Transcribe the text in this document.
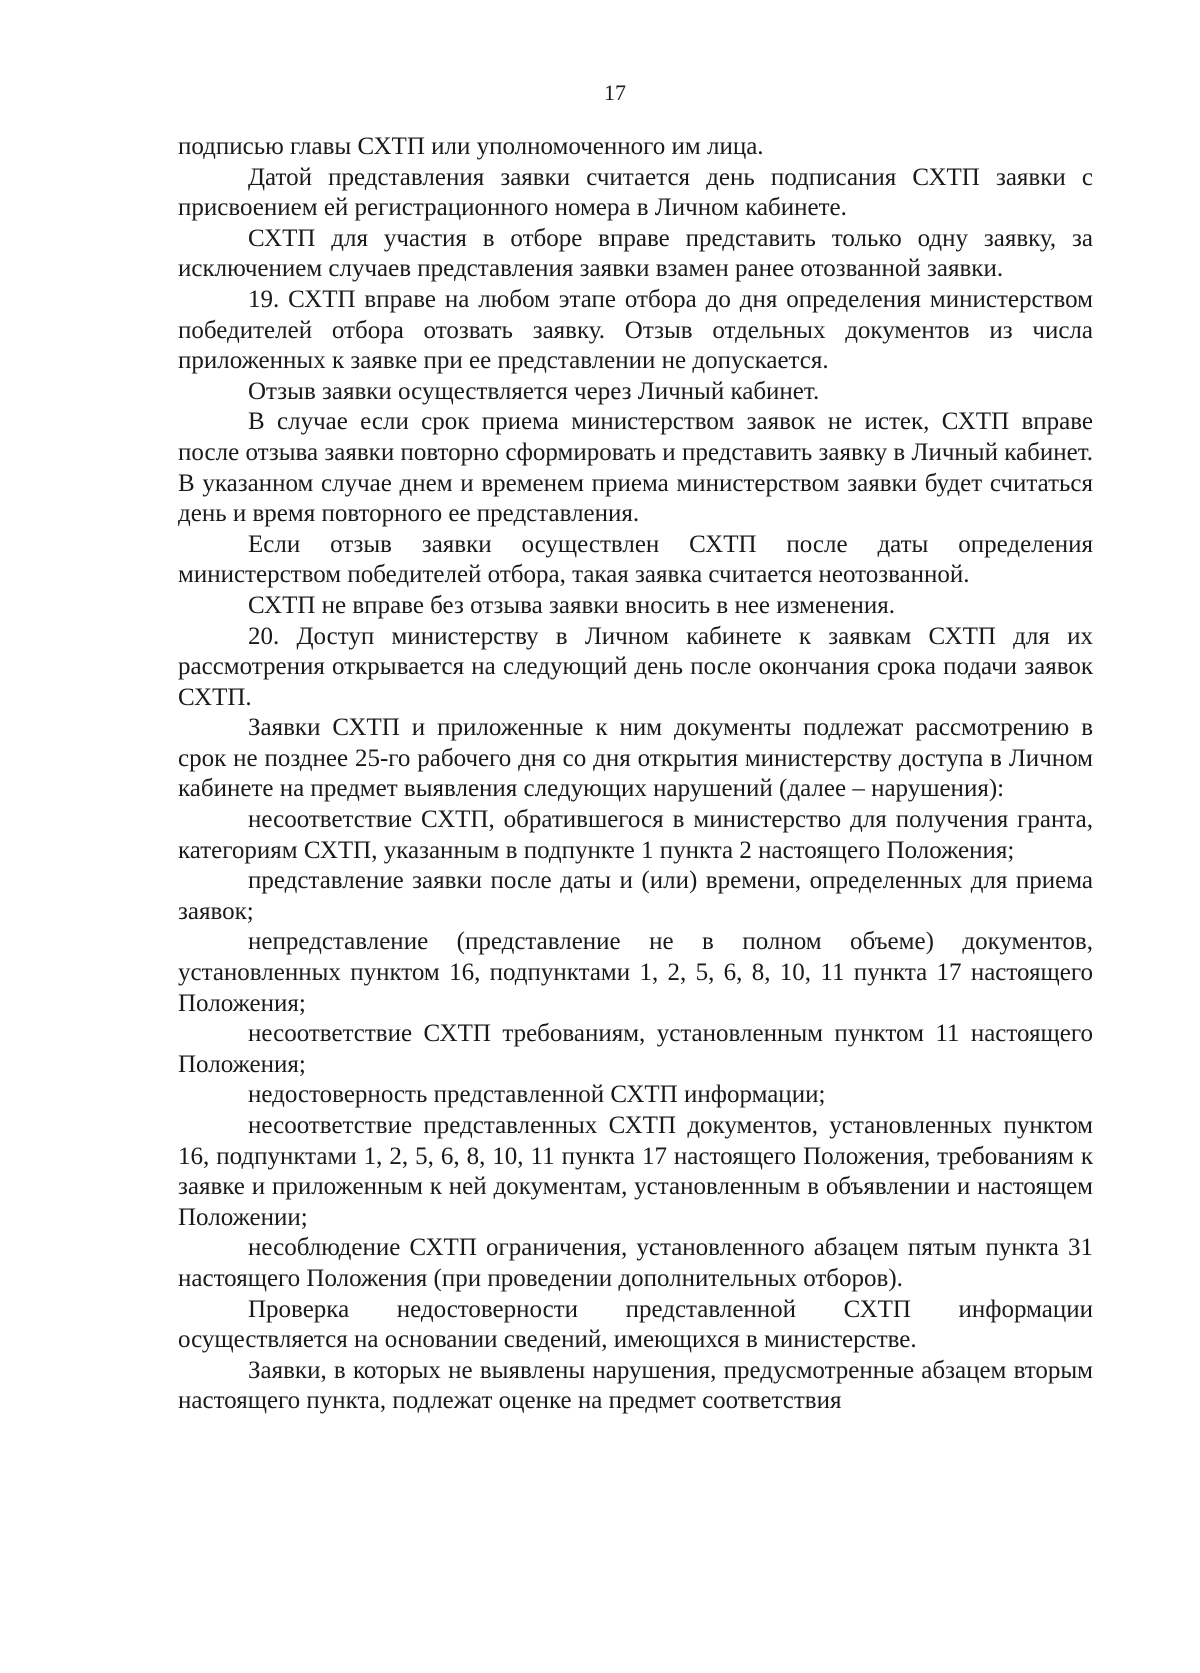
17

подписью главы СХТП или уполномоченного им лица.

Датой представления заявки считается день подписания СХТП заявки с присвоением ей регистрационного номера в Личном кабинете.

СХТП для участия в отборе вправе представить только одну заявку, за исключением случаев представления заявки взамен ранее отозванной заявки.

19. СХТП вправе на любом этапе отбора до дня определения министерством победителей отбора отозвать заявку. Отзыв отдельных документов из числа приложенных к заявке при ее представлении не допускается.

Отзыв заявки осуществляется через Личный кабинет.

В случае если срок приема министерством заявок не истек, СХТП вправе после отзыва заявки повторно сформировать и представить заявку в Личный кабинет. В указанном случае днем и временем приема министерством заявки будет считаться день и время повторного ее представления.

Если отзыв заявки осуществлен СХТП после даты определения министерством победителей отбора, такая заявка считается неотозванной.

СХТП не вправе без отзыва заявки вносить в нее изменения.

20. Доступ министерству в Личном кабинете к заявкам СХТП для их рассмотрения открывается на следующий день после окончания срока подачи заявок СХТП.

Заявки СХТП и приложенные к ним документы подлежат рассмотрению в срок не позднее 25-го рабочего дня со дня открытия министерству доступа в Личном кабинете на предмет выявления следующих нарушений (далее – нарушения):

несоответствие СХТП, обратившегося в министерство для получения гранта, категориям СХТП, указанным в подпункте 1 пункта 2 настоящего Положения;

представление заявки после даты и (или) времени, определенных для приема заявок;

непредставление (представление не в полном объеме) документов, установленных пунктом 16, подпунктами 1, 2, 5, 6, 8, 10, 11 пункта 17 настоящего Положения;

несоответствие СХТП требованиям, установленным пунктом 11 настоящего Положения;

недостоверность представленной СХТП информации;

несоответствие представленных СХТП документов, установленных пунктом 16, подпунктами 1, 2, 5, 6, 8, 10, 11 пункта 17 настоящего Положения, требованиям к заявке и приложенным к ней документам, установленным в объявлении и настоящем Положении;

несоблюдение СХТП ограничения, установленного абзацем пятым пункта 31 настоящего Положения (при проведении дополнительных отборов).

Проверка недостоверности представленной СХТП информации осуществляется на основании сведений, имеющихся в министерстве.

Заявки, в которых не выявлены нарушения, предусмотренные абзацем вторым настоящего пункта, подлежат оценке на предмет соответствия
